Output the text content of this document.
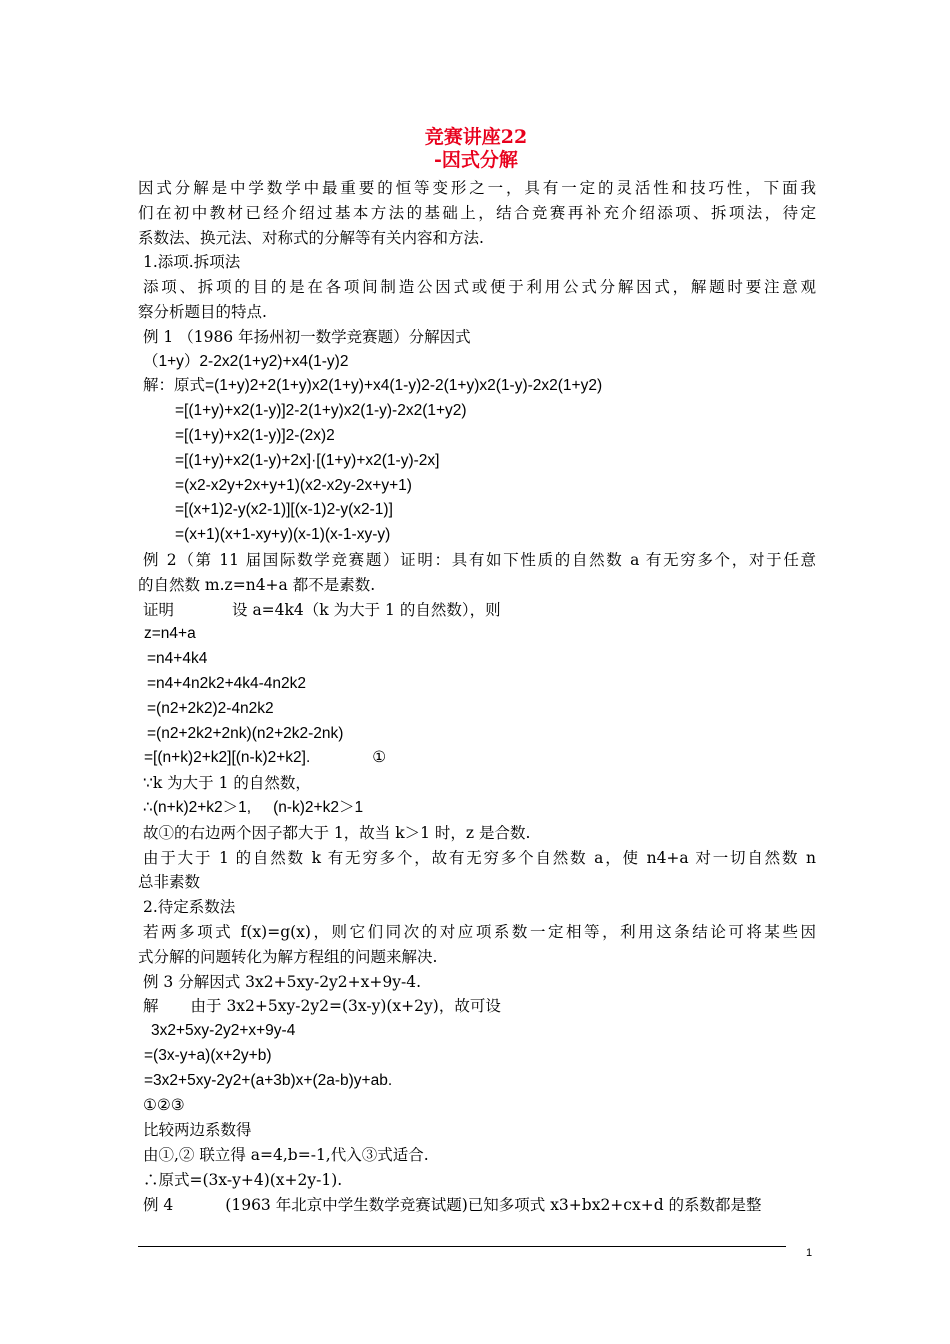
竞赛讲座22
-因式分解
因式分解是中学数学中最重要的恒等变形之一，具有一定的灵活性和技巧性，下面我
们在初中教材已经介绍过基本方法的基础上，结合竞赛再补充介绍添项、拆项法，待定
系数法、换元法、对称式的分解等有关内容和方法.
1.添项.拆项法
添项、拆项的目的是在各项间制造公因式或便于利用公式分解因式，解题时要注意观
察分析题目的特点.
例 1 （1986 年扬州初一数学竞赛题）分解因式
（1+y）2-2x2(1+y2)+x4(1-y)2
解：原式=(1+y)2+2(1+y)x2(1+y)+x4(1-y)2-2(1+y)x2(1-y)-2x2(1+y2)
=[(1+y)+x2(1-y)]2-2(1+y)x2(1-y)-2x2(1+y2)
=[(1+y)+x2(1-y)]2-(2x)2
=[(1+y)+x2(1-y)+2x]·[(1+y)+x2(1-y)-2x]
=(x2-x2y+2x+y+1)(x2-x2y-2x+y+1)
=[(x+1)2-y(x2-1)][(x-1)2-y(x2-1)]
=(x+1)(x+1-xy+y)(x-1)(x-1-xy-y)
例 2（第 11 届国际数学竞赛题）证明：具有如下性质的自然数 a 有无穷多个，对于任意
的自然数 m.z=n4+a 都不是素数.
证明	设 a=4k4（k 为大于 1 的自然数），则
z=n4+a
=n4+4k4
=n4+4n2k2+4k4-4n2k2
=(n2+2k2)2-4n2k2
=(n2+2k2+2nk)(n2+2k2-2nk)
=[(n+k)2+k2][(n-k)2+k2].	①
∵k 为大于 1 的自然数，
∴(n+k)2+k2＞1, (n-k)2+k2＞1
故①的右边两个因子都大于 1，故当 k＞1 时，z 是合数.
由于大于 1 的自然数 k 有无穷多个，故有无穷多个自然数 a，使 n4+a 对一切自然数 n
总非素数
2.待定系数法
若两多项式 f(x)=g(x)，则它们同次的对应项系数一定相等，利用这条结论可将某些因
式分解的问题转化为解方程组的问题来解决.
例 3 分解因式 3x2+5xy-2y2+x+9y-4.
解 由于 3x2+5xy-2y2=(3x-y)(x+2y)，故可设
3x2+5xy-2y2+x+9y-4
=(3x-y+a)(x+2y+b)
=3x2+5xy-2y2+(a+3b)x+(2a-b)y+ab.
①②③
比较两边系数得
由①,② 联立得 a=4,b=-1,代入③式适合.
∴原式=(3x-y+4)(x+2y-1).
例 4	(1963 年北京中学生数学竞赛试题)已知多项式 x3+bx2+cx+d 的系数都是整
1
